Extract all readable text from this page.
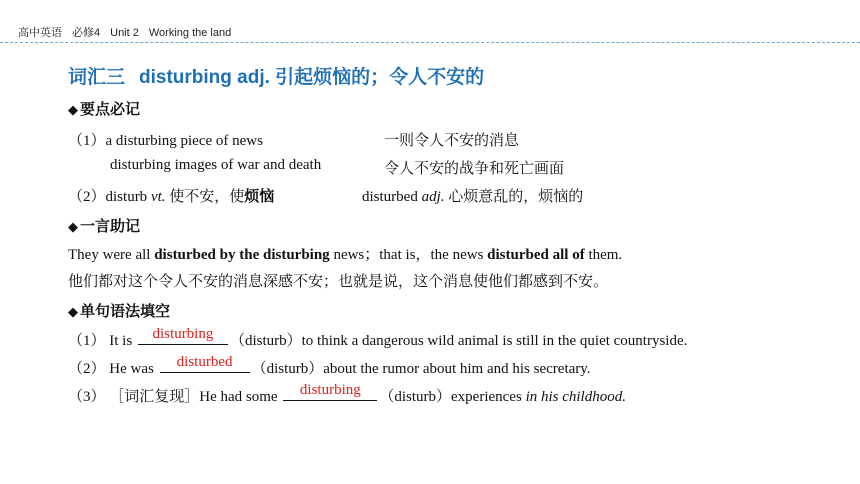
高中英语 必修4 Unit 2 Working the land
词汇三 disturbing adj. 引起烦恼的；令人不安的
◆ 要点必记
（1）a disturbing piece of news	一则令人不安的消息
disturbing images of war and death	令人不安的战争和死亡画面
（2）disturb vt. 使不安，使烦恼	disturbed adj. 心烦意乱的，烦恼的
◆ 一言助记
They were all disturbed by the disturbing news；that is，the news disturbed all of them.
他们都对这个令人不安的消息深感不安；也就是说，这个消息使他们都感到不安。
◆ 单句语法填空
（1） It is	disturbing	（disturb）to think a dangerous wild animal is still in the quiet countryside.
（2） He was	disturbed	（disturb）about the rumor about him and his secretary.
（3） ［词汇复现］He had some	disturbing	（disturb）experiences in his childhood.
